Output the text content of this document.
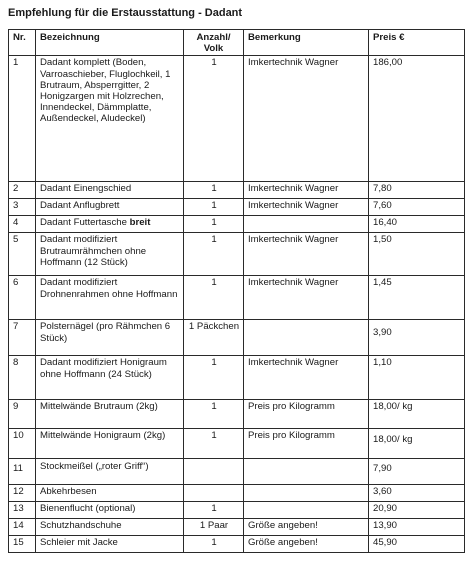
Empfehlung für die Erstausstattung - Dadant
Nr.	Bezeichnung	Anzahl/ Volk	Bemerkung	Preis €
1	Dadant komplett (Boden, Varroaschieber, Fluglochkeil, 1 Brutraum, Absperrgitter, 2 Honigzargen mit Holzrechen, Innendeckel, Dämmplatte, Außendeckel, Aludeckel)	1	Imkertechnik Wagner	186,00
2	Dadant Einengschied	1	Imkertechnik Wagner	7,80
3	Dadant Anflugbrett	1	Imkertechnik Wagner	7,60
4	Dadant Futtertasche breit	1		16,40
5	Dadant modifiziert Brutraumrähmchen ohne Hoffmann (12 Stück)	1	Imkertechnik Wagner	1,50
6	Dadant modifiziert Drohnenrahmen ohne Hoffmann	1	Imkertechnik Wagner	1,45
7	Polsternägel (pro Rähmchen 6 Stück)	1 Päckchen		3,90
8	Dadant modifiziert Honigraum ohne Hoffmann (24 Stück)	1	Imkertechnik Wagner	1,10
9	Mittelwände Brutraum (2kg)	1	Preis pro Kilogramm	18,00/ kg
10	Mittelwände Honigraum (2kg)	1	Preis pro Kilogramm	18,00/ kg
11	Stockmeißel („roter Griff“)			7,90
12	Abkehrbesen			3,60
13	Bienenflucht (optional)	1		20,90
14	Schutzhandschuhe	1 Paar	Größe angeben!	13,90
15	Schleier mit Jacke	1	Größe angeben!	45,90
